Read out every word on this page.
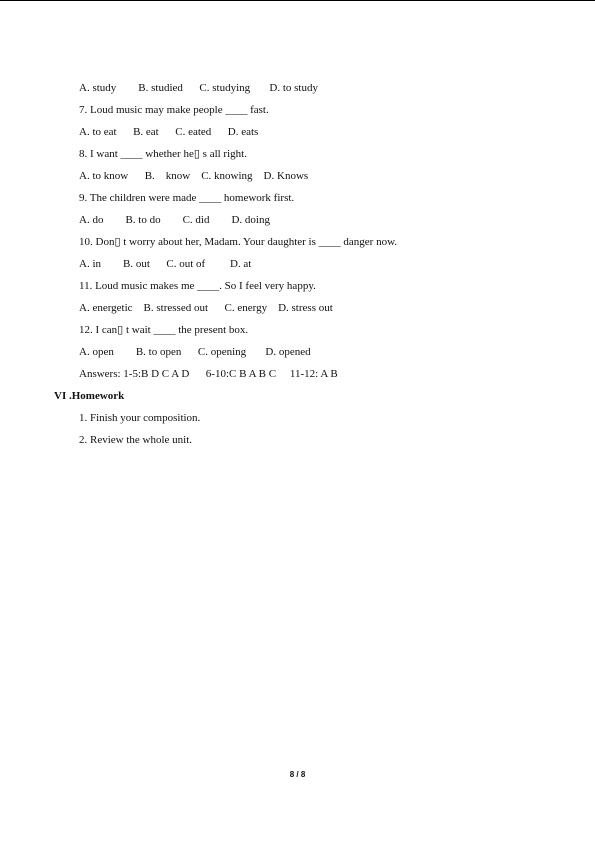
A. study        B. studied      C. studying       D. to study
7. Loud music may make people ____ fast.
A. to eat      B. eat      C. eated      D. eats
8. I want ____ whether he▯ s all right.
A. to know      B.    know    C. knowing    D. Knows
9. The children were made ____ homework first.
A. do        B. to do        C. did        D. doing
10. Don▯ t worry about her, Madam. Your daughter is ____ danger now.
A. in        B. out      C. out of         D. at
11. Loud music makes me ____. So I feel very happy.
A. energetic    B. stressed out      C. energy    D. stress out
12. I can▯ t wait ____ the present box.
A. open        B. to open      C. opening       D. opened
Answers: 1-5:B D C A D      6-10:C B A B C     11-12: A B
VI .Homework
1. Finish your composition.
2. Review the whole unit.
8 / 8
